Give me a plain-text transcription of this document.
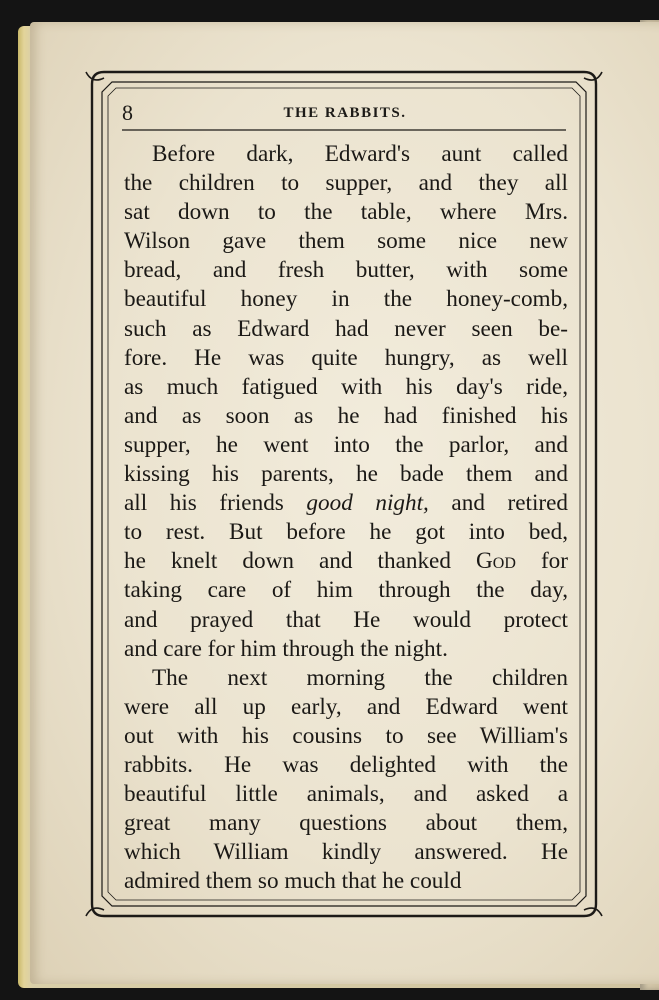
8	THE RABBITS.
Before dark, Edward's aunt called
the children to supper, and they all
sat down to the table, where Mrs.
Wilson gave them some nice new
bread, and fresh butter, with some
beautiful honey in the honey-comb,
such as Edward had never seen be-
fore. He was quite hungry, as well
as much fatigued with his day's ride,
and as soon as he had finished his
supper, he went into the parlor, and
kissing his parents, he bade them and
all his friends good night, and retired
to rest. But before he got into bed,
he knelt down and thanked God for
taking care of him through the day,
and prayed that He would protect
and care for him through the night.
The next morning the children
were all up early, and Edward went
out with his cousins to see William's
rabbits. He was delighted with the
beautiful little animals, and asked a
great many questions about them,
which William kindly answered. He
admired them so much that he could
